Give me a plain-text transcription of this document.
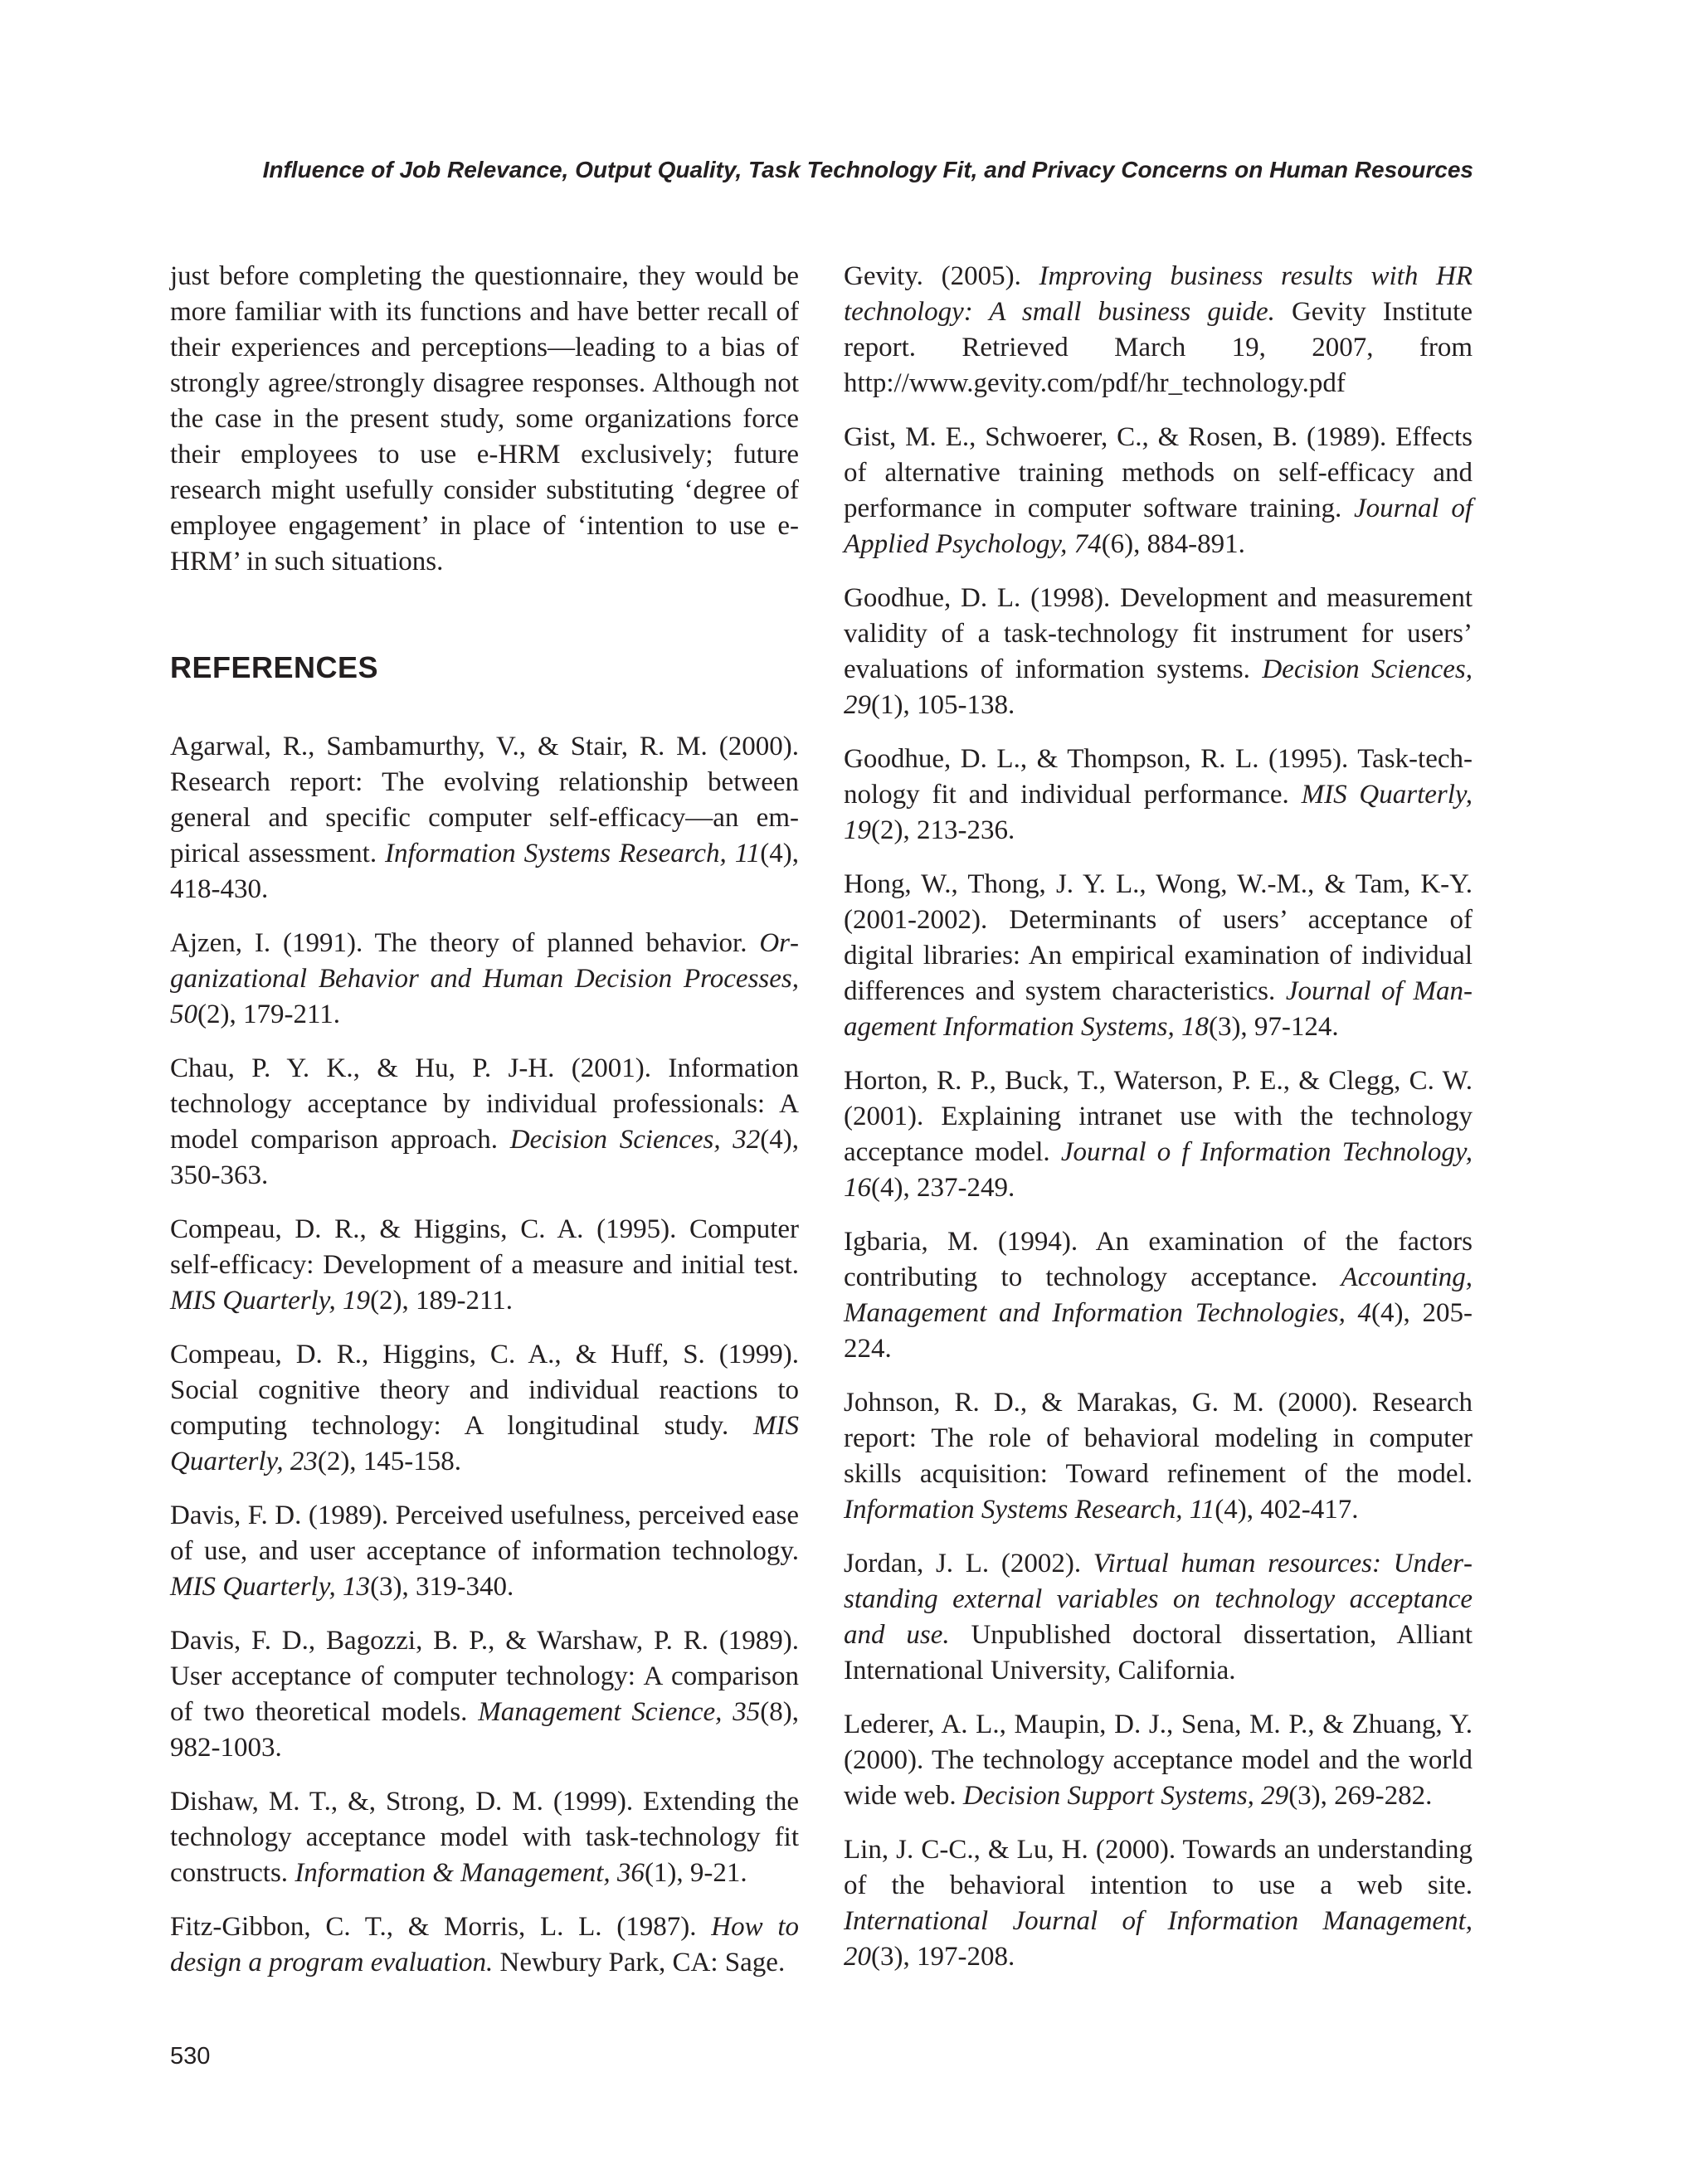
Influence of Job Relevance, Output Quality, Task Technology Fit, and Privacy Concerns on Human Resources

just before completing the questionnaire, they would be more familiar with its functions and have better recall of their experiences and perceptions—leading to a bias of strongly agree/strongly disagree responses. Although not the case in the present study, some organizations force their employees to use e-HRM exclusively; future research might usefully consider substituting ‘degree of employee engagement’ in place of ‘intention to use e-HRM’ in such situations.

REFERENCES
Agarwal, R., Sambamurthy, V., & Stair, R. M. (2000). Research report: The evolving relationship between general and specific computer self-efficacy—an empirical assessment. Information Systems Research, 11(4), 418-430.
Ajzen, I. (1991). The theory of planned behavior. Organizational Behavior and Human Decision Processes, 50(2), 179-211.
Chau, P. Y. K., & Hu, P. J-H. (2001). Information technology acceptance by individual professionals: A model comparison approach. Decision Sciences, 32(4), 350-363.
Compeau, D. R., & Higgins, C. A. (1995). Computer self-efficacy: Development of a measure and initial test. MIS Quarterly, 19(2), 189-211.
Compeau, D. R., Higgins, C. A., & Huff, S. (1999). Social cognitive theory and individual reactions to computing technology: A longitudinal study. MIS Quarterly, 23(2), 145-158.
Davis, F. D. (1989). Perceived usefulness, perceived ease of use, and user acceptance of information technology. MIS Quarterly, 13(3), 319-340.
Davis, F. D., Bagozzi, B. P., & Warshaw, P. R. (1989). User acceptance of computer technology: A comparison of two theoretical models. Management Science, 35(8), 982-1003.
Dishaw, M. T., &, Strong, D. M. (1999). Extending the technology acceptance model with task-technology fit constructs. Information & Management, 36(1), 9-21.
Fitz-Gibbon, C. T., & Morris, L. L. (1987). How to design a program evaluation. Newbury Park, CA: Sage.
Gevity. (2005). Improving business results with HR technology: A small business guide. Gevity Institute report. Retrieved March 19, 2007, from http://www.gevity.com/pdf/hr_technology.pdf
Gist, M. E., Schwoerer, C., & Rosen, B. (1989). Effects of alternative training methods on self-efficacy and performance in computer software training. Journal of Applied Psychology, 74(6), 884-891.
Goodhue, D. L. (1998). Development and measurement validity of a task-technology fit instrument for users’ evaluations of information systems. Decision Sciences, 29(1), 105-138.
Goodhue, D. L., & Thompson, R. L. (1995). Task-technology fit and individual performance. MIS Quarterly, 19(2), 213-236.
Hong, W., Thong, J. Y. L., Wong, W.-M., & Tam, K-Y. (2001-2002). Determinants of users’ acceptance of digital libraries: An empirical examination of individual differences and system characteristics. Journal of Management Information Systems, 18(3), 97-124.
Horton, R. P., Buck, T., Waterson, P. E., & Clegg, C. W. (2001). Explaining intranet use with the technology acceptance model. Journal o f Information Technology, 16(4), 237-249.
Igbaria, M. (1994). An examination of the factors contributing to technology acceptance. Accounting, Management and Information Technologies, 4(4), 205-224.
Johnson, R. D., & Marakas, G. M. (2000). Research report: The role of behavioral modeling in computer skills acquisition: Toward refinement of the model. Information Systems Research, 11(4), 402-417.
Jordan, J. L. (2002). Virtual human resources: Understanding external variables on technology acceptance and use. Unpublished doctoral dissertation, Alliant International University, California.
Lederer, A. L., Maupin, D. J., Sena, M. P., & Zhuang, Y. (2000). The technology acceptance model and the world wide web. Decision Support Systems, 29(3), 269-282.
Lin, J. C-C., & Lu, H. (2000). Towards an understanding of the behavioral intention to use a web site. International Journal of Information Management, 20(3), 197-208.
530
